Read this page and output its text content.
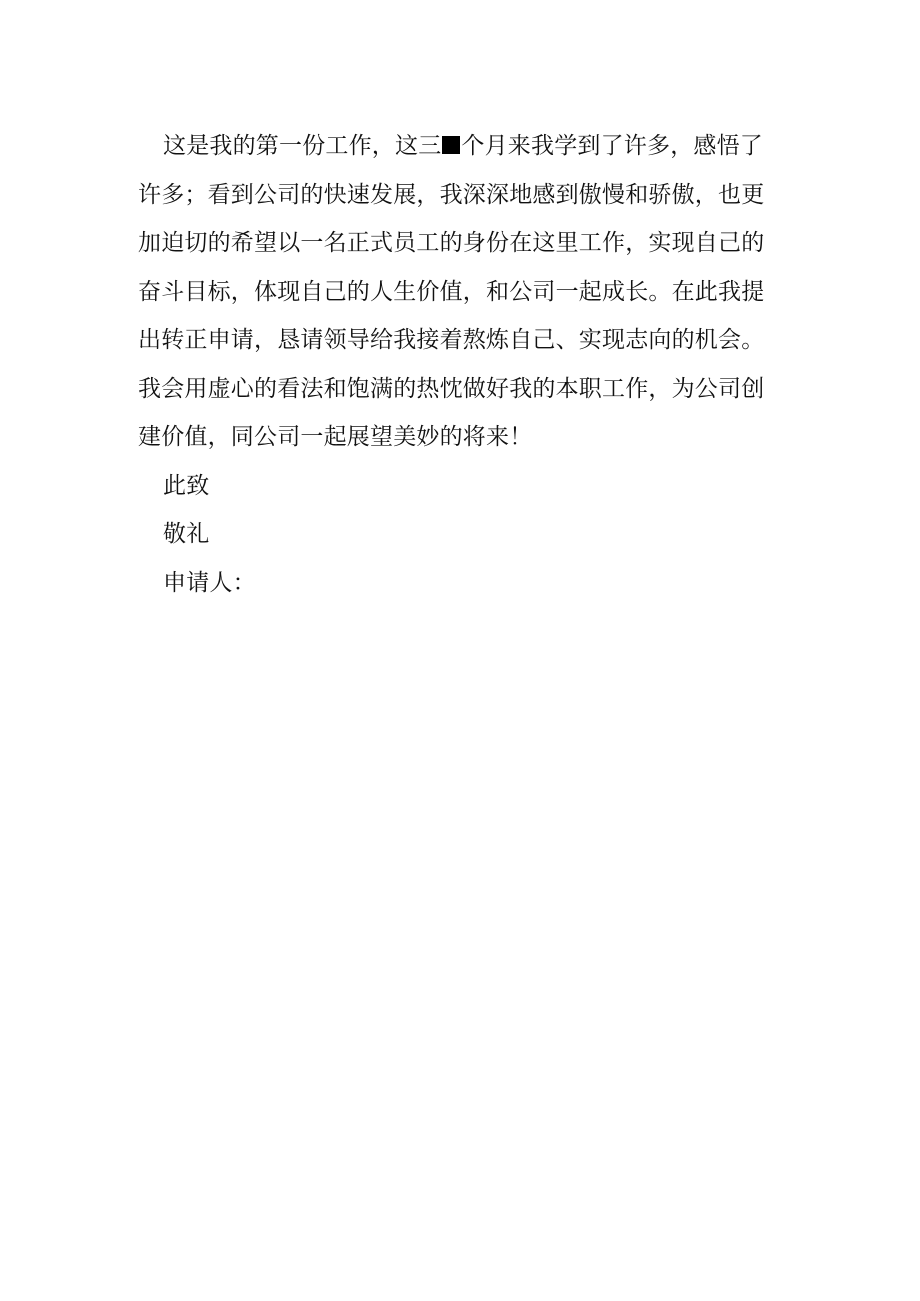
这是我的第一份工作，这三 个月来我学到了许多，感悟了
许多；看到公司的快速发展，我深深地感到傲慢和骄傲，也更
加迫切的希望以一名正式员工的身份在这里工作，实现自己的
奋斗目标，体现自己的人生价值，和公司一起成长。在此我提
出转正申请，恳请领导给我接着熬炼自己、实现志向的机会。
我会用虚心的看法和饱满的热忱做好我的本职工作，为公司创
建价值，同公司一起展望美妙的将来！
此致
敬礼
申请人：
